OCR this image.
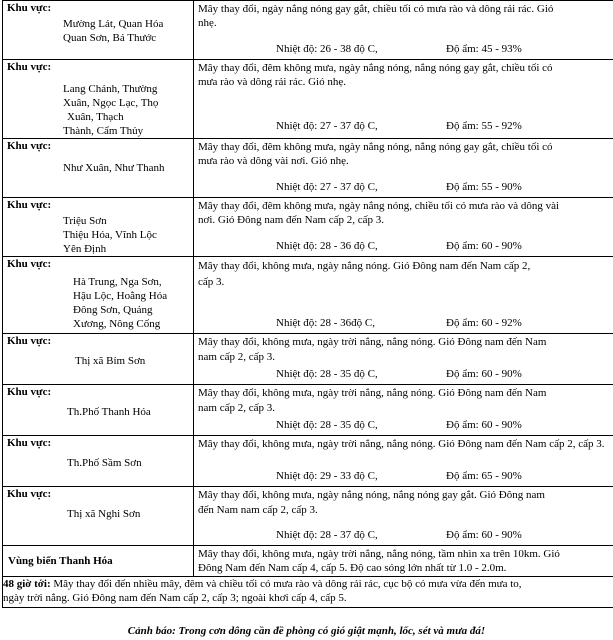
Khu vực:
Mường Lát, Quan Hóa
Quan Sơn, Bá Thước	Mây thay đổi, ngày nắng nóng gay gắt, chiều tối có mưa rào và dông rải rác. Gió
nhẹ.
Nhiệt độ: 26 - 38 độ C, Độ ẩm: 45 - 93%

Khu vực:
Lang Chánh, Thường
Xuân, Ngọc Lạc, Thọ
Xuân, Thạch
Thành, Cẩm Thủy	Mây thay đổi, đêm không mưa, ngày nắng nóng, nắng nóng gay gắt, chiều tối có
mưa rào và dông rải rác. Gió nhẹ.
Nhiệt độ: 27 - 37 độ C, Độ ẩm: 55 - 92%

Khu vực:
Như Xuân, Như Thanh	Mây thay đổi, đêm không mưa, ngày nắng nóng, nắng nóng gay gắt, chiều tối có
mưa rào và dông vài nơi. Gió nhẹ.
Nhiệt độ: 27 - 37 độ C, Độ ẩm: 55 - 90%

Khu vực:
Triệu Sơn
Thiệu Hóa, Vĩnh Lộc
Yên Định	Mây thay đổi, đêm không mưa, ngày nắng nóng, chiều tối có mưa rào và dông vài
nơi. Gió Đông nam đến Nam cấp 2, cấp 3.
Nhiệt độ: 28 - 36 độ C, Độ ẩm: 60 - 90%

Khu vực:
Hà Trung, Nga Sơn,
Hậu Lộc, Hoằng Hóa
Đông Sơn, Quảng
Xương, Nông Cống	Mây thay đổi, không mưa, ngày nắng nóng. Gió Đông nam đến Nam cấp 2,
cấp 3.
Nhiệt độ: 28 - 36độ C, Độ ẩm: 60 - 92%

Khu vực:
Thị xã Bỉm Sơn	Mây thay đổi, không mưa, ngày trời nắng, nắng nóng. Gió Đông nam đến Nam
nam cấp 2, cấp 3.
Nhiệt độ: 28 - 35 độ C, Độ ẩm: 60 - 90%

Khu vực:
Th.Phố Thanh Hóa	Mây thay đổi, không mưa, ngày trời nắng, nắng nóng. Gió Đông nam đến Nam
nam cấp 2, cấp 3.
Nhiệt độ: 28 - 35 độ C, Độ ẩm: 60 - 90%

Khu vực:
Th.Phố Sầm Sơn	Mây thay đổi, không mưa, ngày trời nắng, nắng nóng. Gió Đông nam đến Nam cấp 2, cấp 3.
Nhiệt độ: 29 - 33 độ C, Độ ẩm: 65 - 90%

Khu vực:
Thị xã Nghi Sơn	Mây thay đổi, không mưa, ngày nắng nóng, nắng nóng gay gắt. Gió Đông nam
đến Nam nam cấp 2, cấp 3.
Nhiệt độ: 28 - 37 độ C, Độ ẩm: 60 - 90%

Vùng biển Thanh Hóa	Mây thay đổi, không mưa, ngày trời nắng, nắng nóng, tầm nhìn xa trên 10km. Gió
Đông Nam đến Nam cấp 4, cấp 5. Độ cao sóng lớn nhất từ 1.0 - 2.0m.

48 giờ tới: Mây thay đổi đến nhiều mây, đêm và chiều tối có mưa rào và dông rải rác, cục bộ có mưa vừa đến mưa to,
ngày trời nắng. Gió Đông nam đến Nam cấp 2, cấp 3; ngoài khơi cấp 4, cấp 5.	
Cảnh báo: Trong cơn dông cần đề phòng có gió giật mạnh, lốc, sét và mưa đá!
